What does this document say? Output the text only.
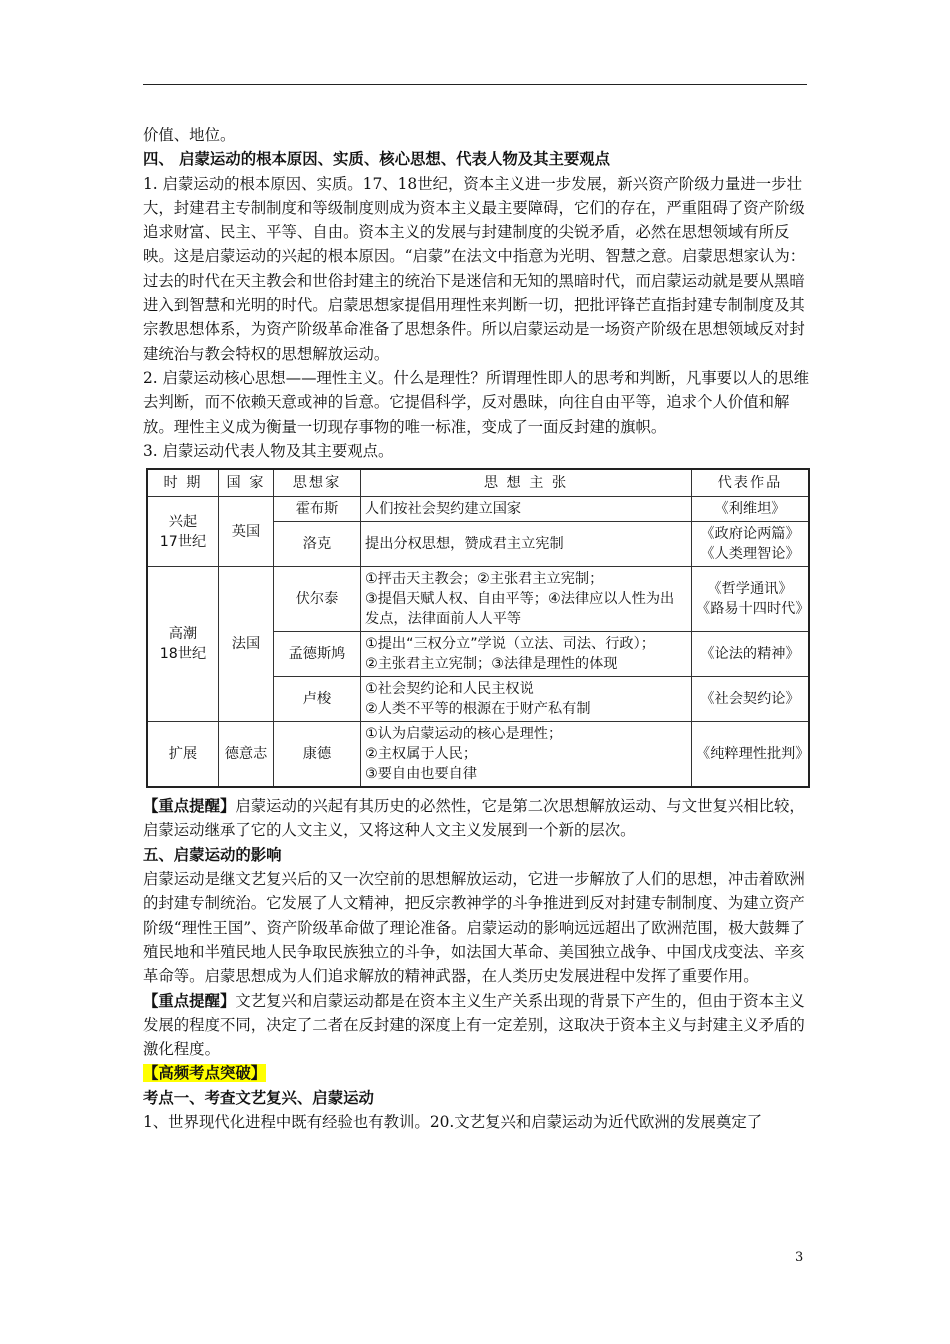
价值、地位。

四、 启蒙运动的根本原因、实质、核心思想、代表人物及其主要观点

1. 启蒙运动的根本原因、实质。17、18世纪，资本主义进一步发展，新兴资产阶级力量进一步壮大，封建君主专制制度和等级制度则成为资本主义最主要障碍，它们的存在，严重阻碍了资产阶级追求财富、民主、平等、自由。资本主义的发展与封建制度的尖锐矛盾，必然在思想领域有所反映。这是启蒙运动的兴起的根本原因。“启蒙”在法文中指意为光明、智慧之意。启蒙思想家认为：过去的时代在天主教会和世俗封建主的统治下是迷信和无知的黑暗时代，而启蒙运动就是要从黑暗进入到智慧和光明的时代。启蒙思想家提倡用理性来判断一切，把批评锋芒直指封建专制制度及其宗教思想体系，为资产阶级革命准备了思想条件。所以启蒙运动是一场资产阶级在思想领域反对封建统治与教会特权的思想解放运动。

2. 启蒙运动核心思想——理性主义。什么是理性？所谓理性即人的思考和判断，凡事要以人的思维去判断，而不依赖天意或神的旨意。它提倡科学，反对愚昧，向往自由平等，追求个人价值和解放。理性主义成为衡量一切现存事物的唯一标准，变成了一面反封建的旗帜。

3. 启蒙运动代表人物及其主要观点。

时 期	国 家	思想家	思 想 主 张	代表作品
兴起
17世纪	英国	霍布斯	人们按社会契约建立国家	《利维坦》
		洛克	提出分权思想，赞成君主立宪制	《政府论两篇》
《人类理智论》
高潮
18世纪	法国	伏尔泰	①抨击天主教会；②主张君主立宪制；
③提倡天赋人权、自由平等；④法律应以人性为出发点，法律面前人人平等	《哲学通讯》
《路易十四时代》
		孟德斯鸠	①提出“三权分立”学说（立法、司法、行政）；
②主张君主立宪制；③法律是理性的体现	《论法的精神》
		卢梭	①社会契约论和人民主权说
②人类不平等的根源在于财产私有制	《社会契约论》
扩展	德意志	康德	①认为启蒙运动的核心是理性；
②主权属于人民；
③要自由也要自律	《纯粹理性批判》

【重点提醒】启蒙运动的兴起有其历史的必然性，它是第二次思想解放运动、与文世复兴相比较，启蒙运动继承了它的人文主义，又将这种人文主义发展到一个新的层次。

五、启蒙运动的影响

启蒙运动是继文艺复兴后的又一次空前的思想解放运动，它进一步解放了人们的思想，冲击着欧洲的封建专制统治。它发展了人文精神，把反宗教神学的斗争推进到反对封建专制制度、为建立资产阶级“理性王国”、资产阶级革命做了理论准备。启蒙运动的影响远远超出了欧洲范围，极大鼓舞了殖民地和半殖民地人民争取民族独立的斗争，如法国大革命、美国独立战争、中国戊戌变法、辛亥革命等。启蒙思想成为人们追求解放的精神武器，在人类历史发展进程中发挥了重要作用。

【重点提醒】文艺复兴和启蒙运动都是在资本主义生产关系出现的背景下产生的，但由于资本主义发展的程度不同，决定了二者在反封建的深度上有一定差别，这取决于资本主义与封建主义矛盾的激化程度。

【高频考点突破】

考点一、考查文艺复兴、启蒙运动

1、世界现代化进程中既有经验也有教训。20.文艺复兴和启蒙运动为近代欧洲的发展奠定了

3
